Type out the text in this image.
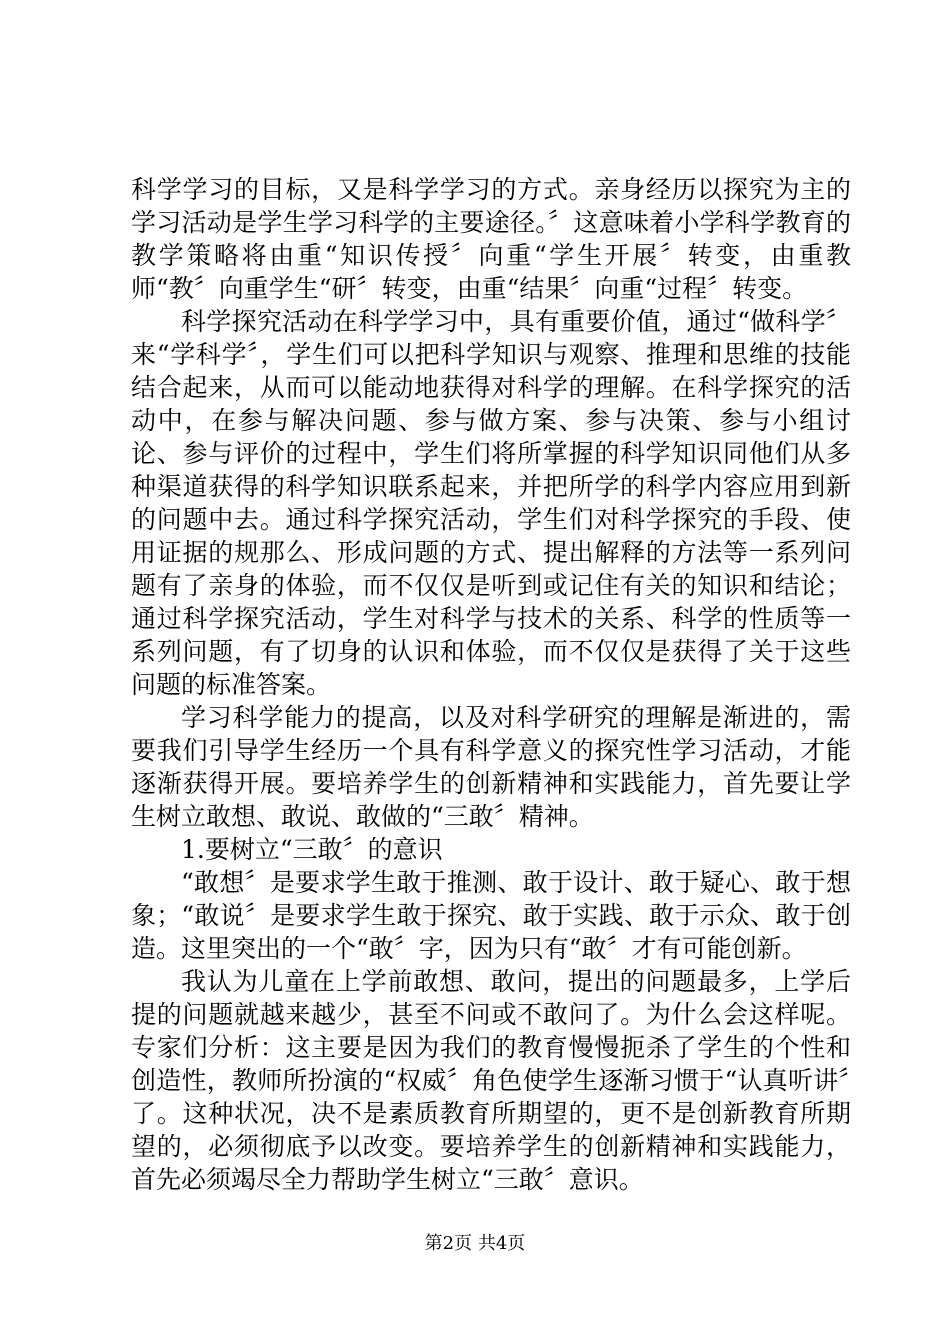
科学学习的目标，又是科学学习的方式。亲身经历以探究为主的学习活动是学生学习科学的主要途径。〞这意味着小学科学教育的教学策略将由重“知识传授〞向重“学生开展〞转变，由重教师“教〞向重学生“研〞转变，由重“结果〞向重“过程〞转变。

科学探究活动在科学学习中，具有重要价值，通过“做科学〞来“学科学〞，学生们可以把科学知识与观察、推理和思维的技能结合起来，从而可以能动地获得对科学的理解。在科学探究的活动中，在参与解决问题、参与做方案、参与决策、参与小组讨论、参与评价的过程中，学生们将所掌握的科学知识同他们从多种渠道获得的科学知识联系起来，并把所学的科学内容应用到新的问题中去。通过科学探究活动，学生们对科学探究的手段、使用证据的规那么、形成问题的方式、提出解释的方法等一系列问题有了亲身的体验，而不仅仅是听到或记住有关的知识和结论；通过科学探究活动，学生对科学与技术的关系、科学的性质等一系列问题，有了切身的认识和体验，而不仅仅是获得了关于这些问题的标准答案。

学习科学能力的提高，以及对科学研究的理解是渐进的，需要我们引导学生经历一个具有科学意义的探究性学习活动，才能逐渐获得开展。要培养学生的创新精神和实践能力，首先要让学生树立敢想、敢说、敢做的“三敢〞精神。

1.要树立“三敢〞的意识

“敢想〞是要求学生敢于推测、敢于设计、敢于疑心、敢于想象；“敢说〞是要求学生敢于探究、敢于实践、敢于示众、敢于创造。这里突出的一个“敢〞字，因为只有“敢〞才有可能创新。

我认为儿童在上学前敢想、敢问，提出的问题最多，上学后提的问题就越来越少，甚至不问或不敢问了。为什么会这样呢。专家们分析：这主要是因为我们的教育慢慢扼杀了学生的个性和创造性，教师所扮演的“权威〞角色使学生逐渐习惯于“认真听讲〞了。这种状况，决不是素质教育所期望的，更不是创新教育所期望的，必须彻底予以改变。要培养学生的创新精神和实践能力，首先必须竭尽全力帮助学生树立“三敢〞意识。

第2页 共4页
